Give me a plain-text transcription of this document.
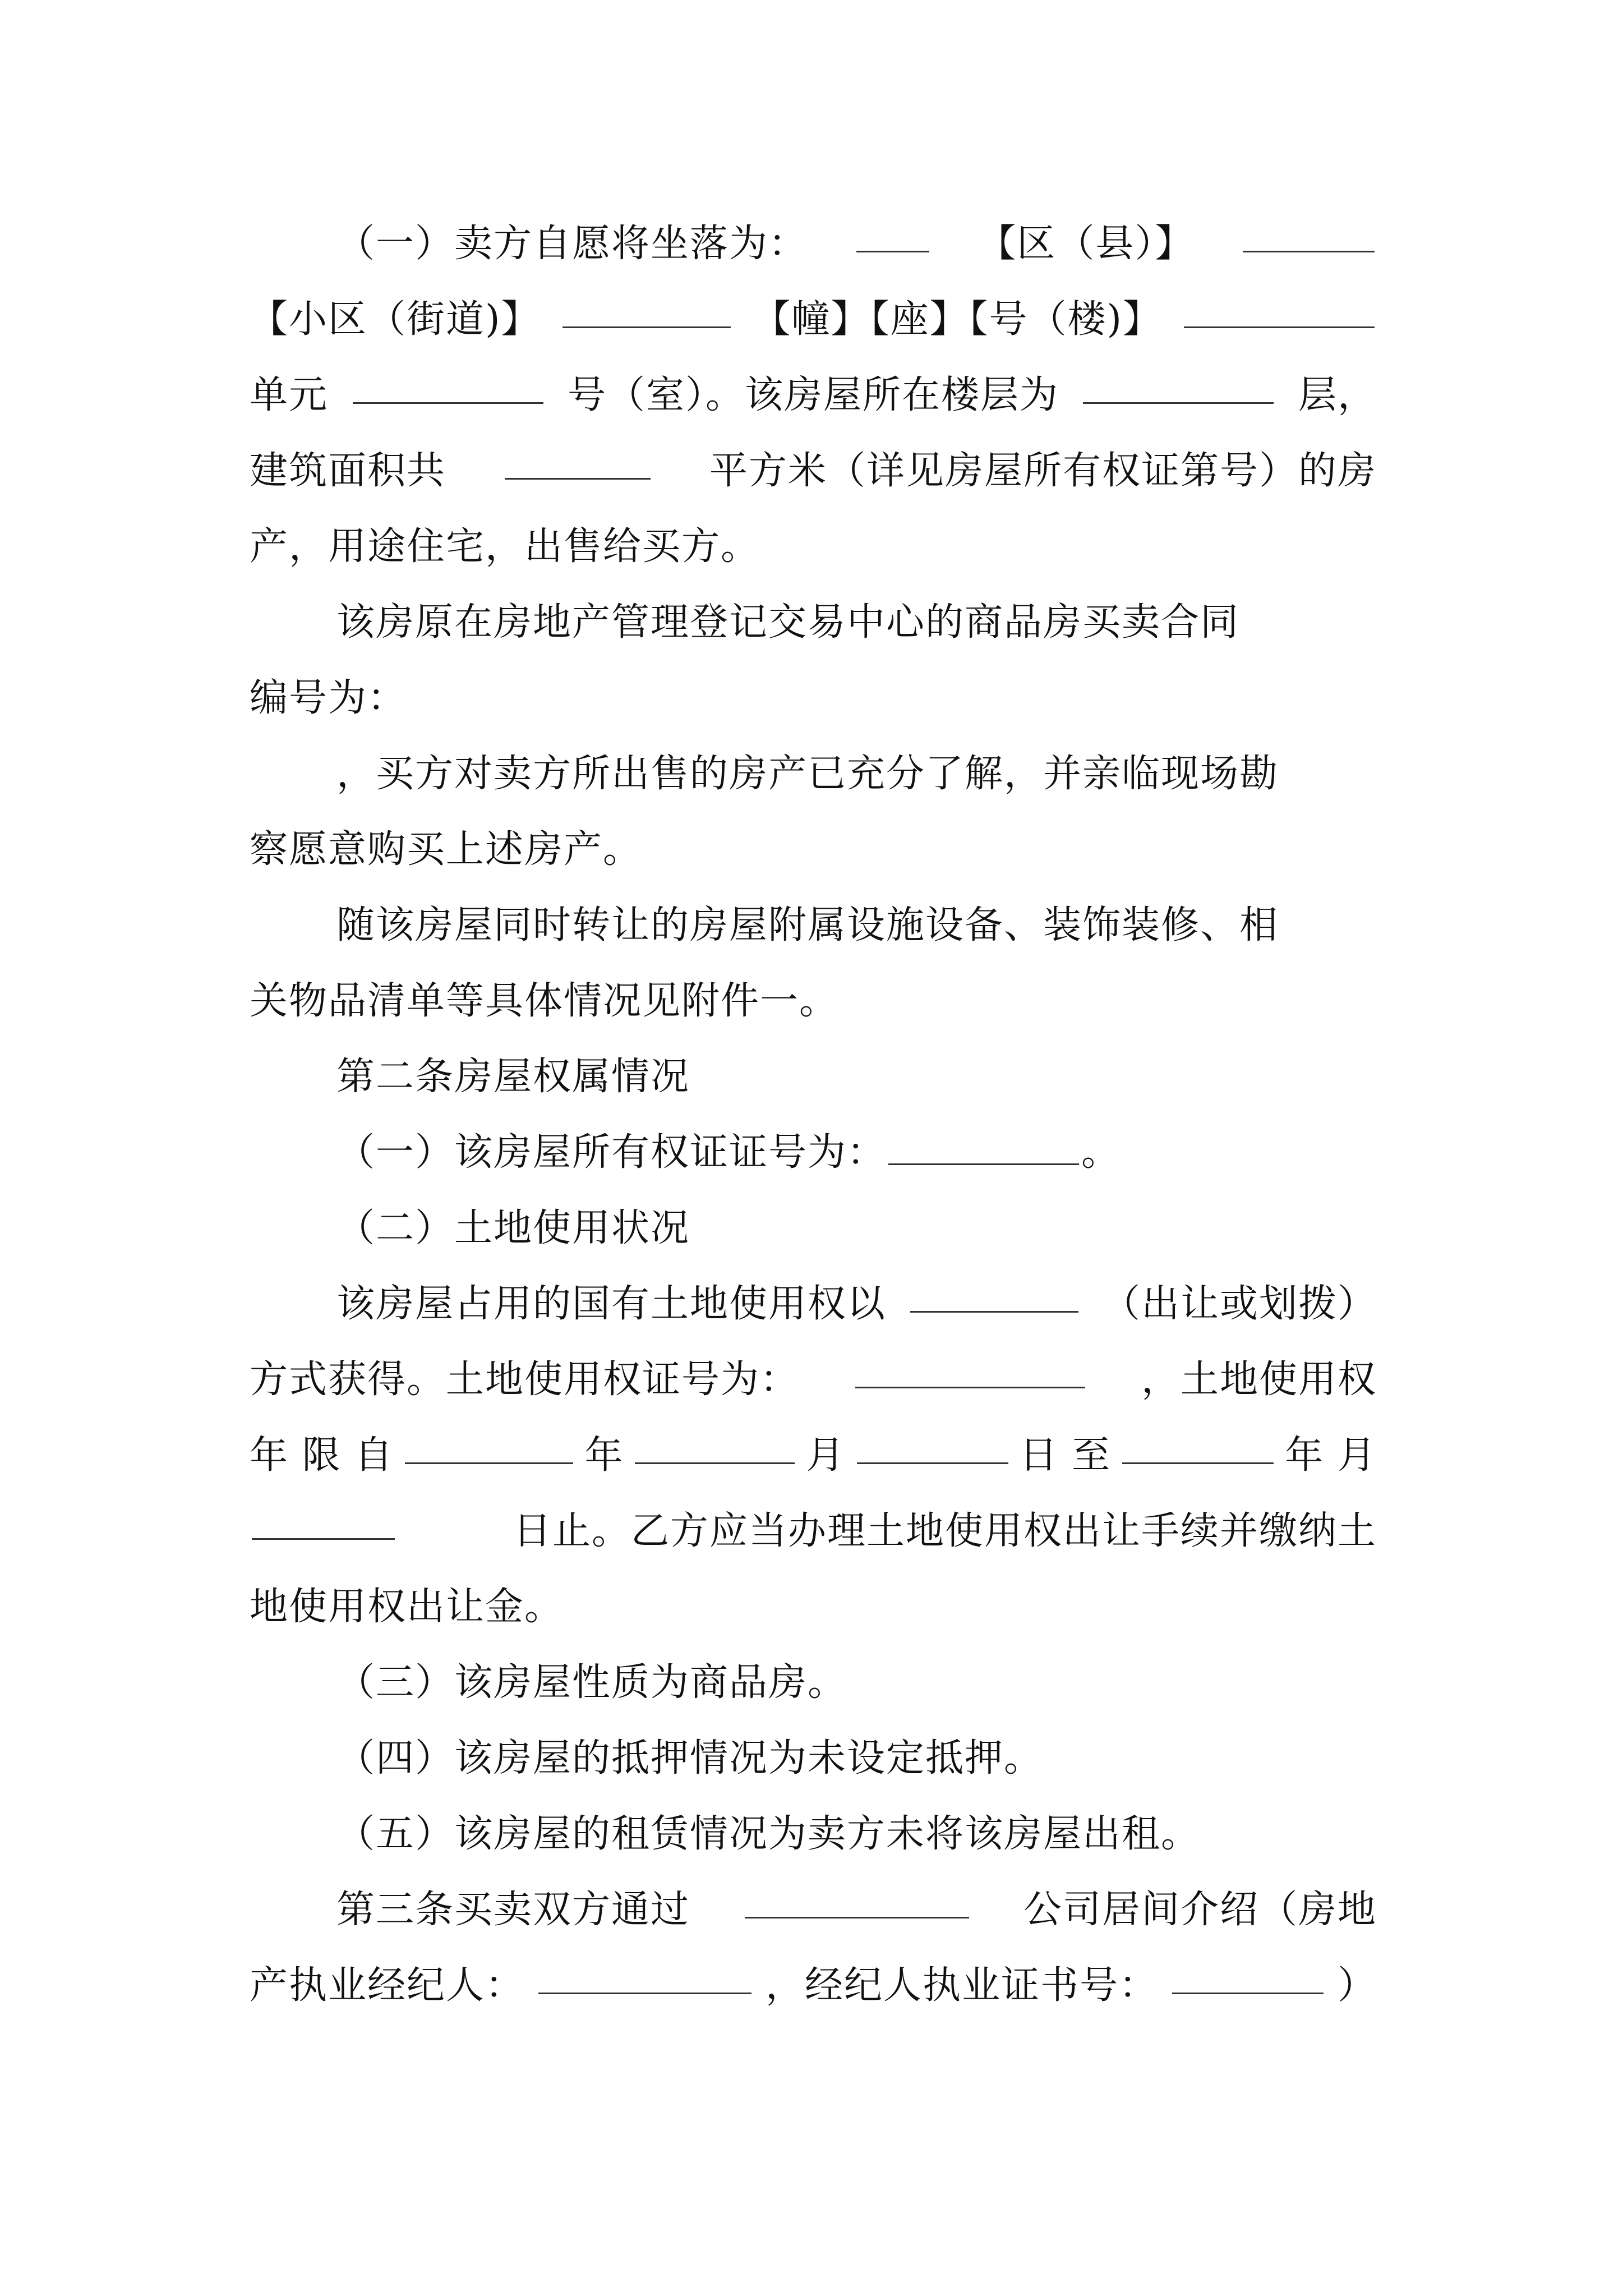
（一）卖方自愿将坐落为：	【区（县）】
【小区（街道)】	【幢】【座】【号（楼)】
单元	号（室）。该房屋所在楼层为	层，
建筑面积共	平方米（详见房屋所有权证第号）的房
产，用途住宅，出售给买方。
该房原在房地产管理登记交易中心的商品房买卖合同
编号为：
，买方对卖方所出售的房产已充分了解，并亲临现场勘
察愿意购买上述房产。
随该房屋同时转让的房屋附属设施设备、装饰装修、相
关物品清单等具体情况见附件一。
第二条房屋权属情况
（一）该房屋所有权证证号为：	。
（二）土地使用状况
该房屋占用的国有土地使用权以	（出让或划拨）
方式获得。土地使用权证号为：	，土地使用权
年 限 自	年	月	日 至	年 月
日止。乙方应当办理土地使用权出让手续并缴纳土
地使用权出让金。
（三）该房屋性质为商品房。
（四）该房屋的抵押情况为未设定抵押。
（五）该房屋的租赁情况为卖方未将该房屋出租。
第三条买卖双方通过	公司居间介绍（房地
产执业经纪人：	，经纪人执业证书号：	）
